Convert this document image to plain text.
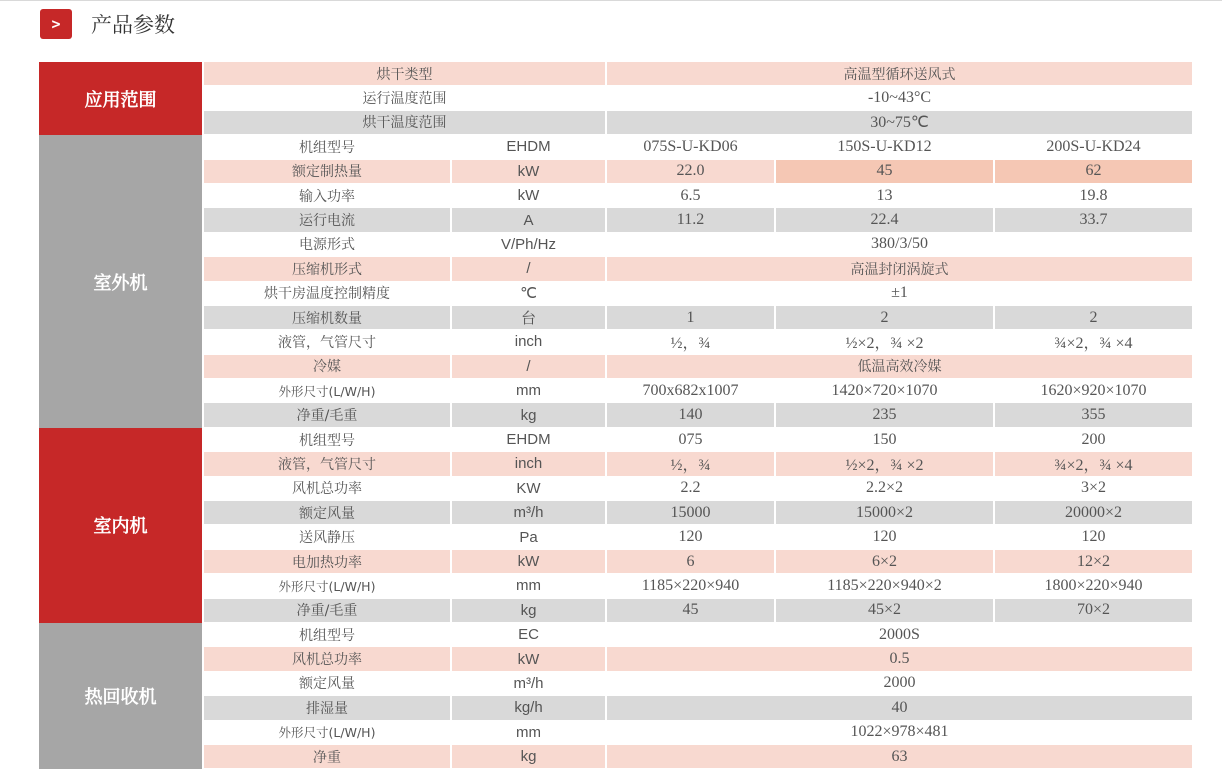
>	产品参数
应用范围
烘干类型	高温型循环送风式
运行温度范围	-10~43°C
烘干温度范围	30~75℃
室外机
机组型号	EHDM	075S-U-KD06	150S-U-KD12	200S-U-KD24
额定制热量	kW	22.0	45	62
输入功率	kW	6.5	13	19.8
运行电流	A	11.2	22.4	33.7
电源形式	V/Ph/Hz	380/3/50
压缩机形式	/	高温封闭涡旋式
烘干房温度控制精度	℃	±1
压缩机数量	台	1	2	2
液管，气管尺寸	inch	½，¾	½×2，¾ ×2	¾×2，¾ ×4
冷媒	/	低温高效冷媒
外形尺寸(L/W/H)	mm	700x682x1007	1420×720×1070	1620×920×1070
净重/毛重	kg	140	235	355
室内机
机组型号	EHDM	075	150	200
液管，气管尺寸	inch	½，¾	½×2，¾ ×2	¾×2，¾ ×4
风机总功率	KW	2.2	2.2×2	3×2
额定风量	m³/h	15000	15000×2	20000×2
送风静压	Pa	120	120	120
电加热功率	kW	6	6×2	12×2
外形尺寸(L/W/H)	mm	1185×220×940	1185×220×940×2	1800×220×940
净重/毛重	kg	45	45×2	70×2
热回收机
机组型号	EC	2000S
风机总功率	kW	0.5
额定风量	m³/h	2000
排湿量	kg/h	40
外形尺寸(L/W/H)	mm	1022×978×481
净重	kg	63
